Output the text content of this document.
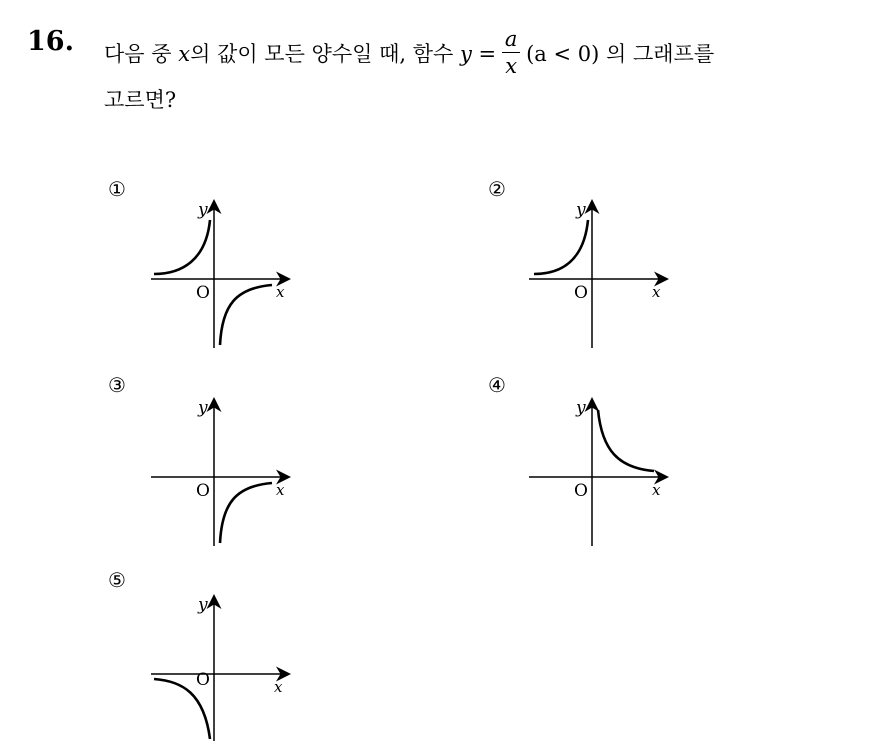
16. 다음 중
x 의 값이 모든 양수일 때, 함수
$y = \frac{a}{x} (a < 0)$
의 그래프를
고르면?
①
y
O	x
②
y
O	x
③
y
O	x
④
y
O	x
⑤
y
O	x
